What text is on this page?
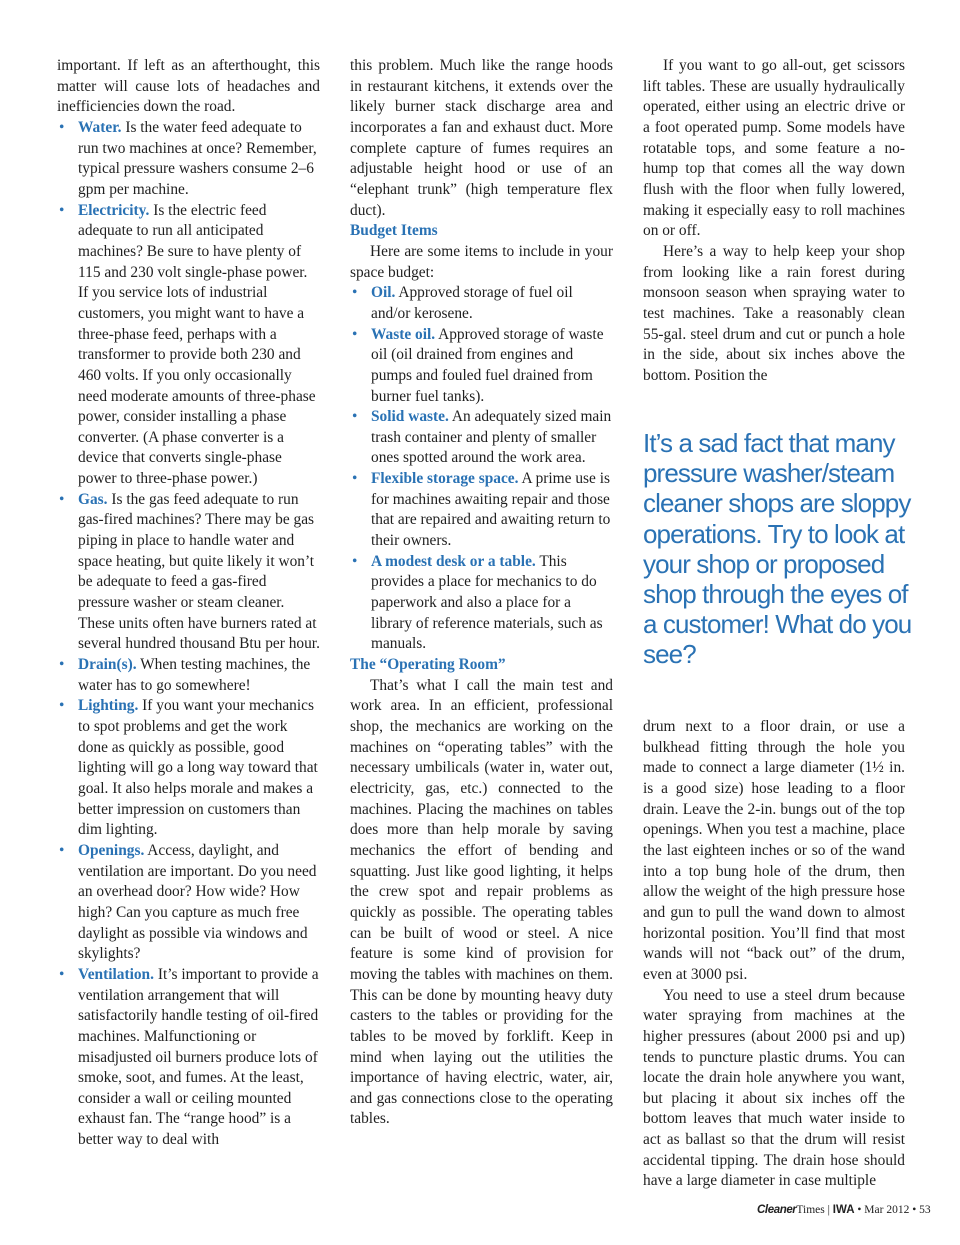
important. If left as an afterthought, this matter will cause lots of headaches and inefficiencies down the road.

• Water. Is the water feed adequate to run two machines at once? Remember, typical pressure washers consume 2–6 gpm per machine.
• Electricity. Is the electric feed adequate to run all anticipated machines? Be sure to have plenty of 115 and 230 volt single-phase power. If you service lots of industrial customers, you might want to have a three-phase feed, perhaps with a transformer to provide both 230 and 460 volts. If you only occasionally need moderate amounts of three-phase power, consider installing a phase converter. (A phase converter is a device that converts single-phase power to three-phase power.)
• Gas. Is the gas feed adequate to run gas-fired machines? There may be gas piping in place to handle water and space heating, but quite likely it won’t be adequate to feed a gas-fired pressure washer or steam cleaner. These units often have burners rated at several hundred thousand Btu per hour.
• Drain(s). When testing machines, the water has to go somewhere!
• Lighting. If you want your mechanics to spot problems and get the work done as quickly as possible, good lighting will go a long way toward that goal. It also helps morale and makes a better impression on customers than dim lighting.
• Openings. Access, daylight, and ventilation are important. Do you need an overhead door? How wide? How high? Can you capture as much free daylight as possible via windows and skylights?
• Ventilation. It’s important to provide a ventilation arrangement that will satisfactorily handle testing of oil-fired machines. Malfunctioning or misadjusted oil burners produce lots of smoke, soot, and fumes. At the least, consider a wall or ceiling mounted exhaust fan. The “range hood” is a better way to deal with

this problem. Much like the range hoods in restaurant kitchens, it extends over the likely burner stack discharge area and incorporates a fan and exhaust duct. More complete capture of fumes requires an adjustable height hood or use of an “elephant trunk” (high temperature flex duct).

Budget Items

Here are some items to include in your space budget:

• Oil. Approved storage of fuel oil and/or kerosene.
• Waste oil. Approved storage of waste oil (oil drained from engines and pumps and fouled fuel drained from burner fuel tanks).
• Solid waste. An adequately sized main trash container and plenty of smaller ones spotted around the work area.
• Flexible storage space. A prime use is for machines awaiting repair and those that are repaired and awaiting return to their owners.
• A modest desk or a table. This provides a place for mechanics to do paperwork and also a place for a library of reference materials, such as manuals.
The “Operating Room”

That’s what I call the main test and work area. In an efficient, professional shop, the mechanics are working on the machines on “operating tables” with the necessary umbilicals (water in, water out, electricity, gas, etc.) connected to the machines. Placing the machines on tables does more than help morale by saving mechanics the effort of bending and squatting. Just like good lighting, it helps the crew spot and repair problems as quickly as possible. The operating tables can be built of wood or steel. A nice feature is some kind of provision for moving the tables with machines on them. This can be done by mounting heavy duty casters to the tables or providing for the tables to be moved by forklift. Keep in mind when laying out the utilities the importance of having electric, water, air, and gas connections close to the operating tables.

If you want to go all-out, get scissors lift tables. These are usually hydraulically operated, either using an electric drive or a foot operated pump. Some models have rotatable tops, and some feature a no-hump top that comes all the way down flush with the floor when fully lowered, making it especially easy to roll machines on or off.

Here’s a way to help keep your shop from looking like a rain forest during monsoon season when spraying water to test machines. Take a reasonably clean 55-gal. steel drum and cut or punch a hole in the side, about six inches above the bottom. Position the

It’s a sad fact that many pressure washer/steam cleaner shops are sloppy operations. Try to look at your shop or proposed shop through the eyes of a customer! What do you see?

drum next to a floor drain, or use a bulkhead fitting through the hole you made to connect a large diameter (1½ in. is a good size) hose leading to a floor drain. Leave the 2-in. bungs out of the top openings. When you test a machine, place the last eighteen inches or so of the wand into a top bung hole of the drum, then allow the weight of the high pressure hose and gun to pull the wand down to almost horizontal position. You’ll find that most wands will not “back out” of the drum, even at 3000 psi.

You need to use a steel drum because water spraying from machines at the higher pressures (about 2000 psi and up) tends to puncture plastic drums. You can locate the drain hole anywhere you want, but placing it about six inches off the bottom leaves that much water inside to act as ballast so that the drum will resist accidental tipping. The drain hose should have a large diameter in case multiple

CleanerTimes | IWA • Mar 2012 • 53
